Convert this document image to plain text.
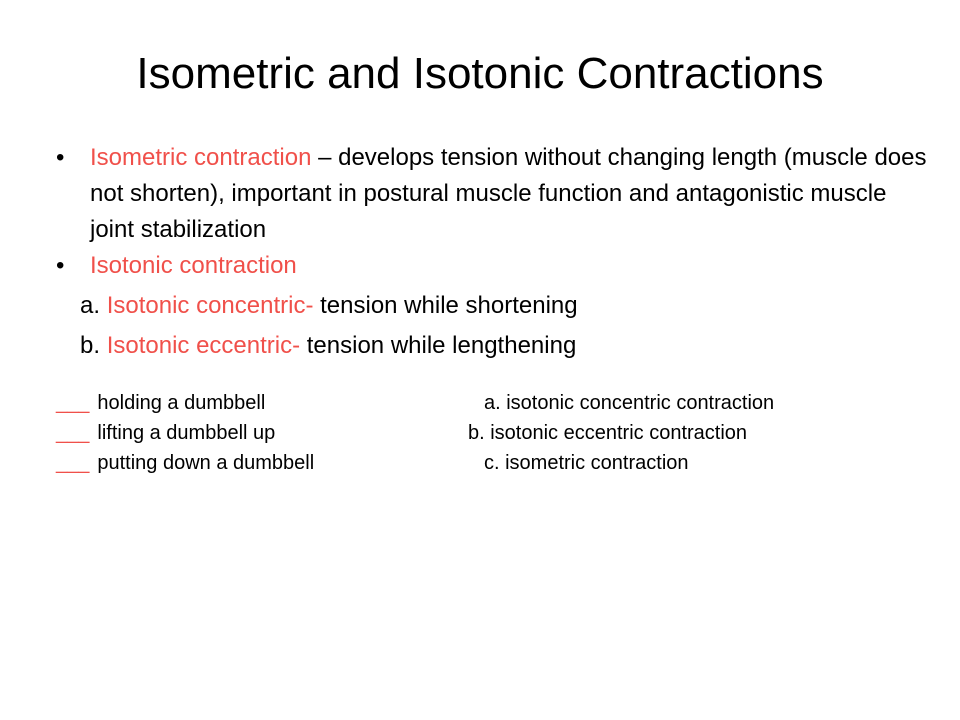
Isometric and Isotonic Contractions
• Isometric contraction – develops tension without changing length (muscle does not shorten), important in postural muscle function and antagonistic muscle joint stabilization
• Isotonic contraction
a. Isotonic concentric- tension while shortening
b. Isotonic eccentric- tension while lengthening
___ holding a dumbbell	a. isotonic concentric contraction
___ lifting a dumbbell up	b. isotonic eccentric contraction
___ putting down a dumbbell	c. isometric contraction
